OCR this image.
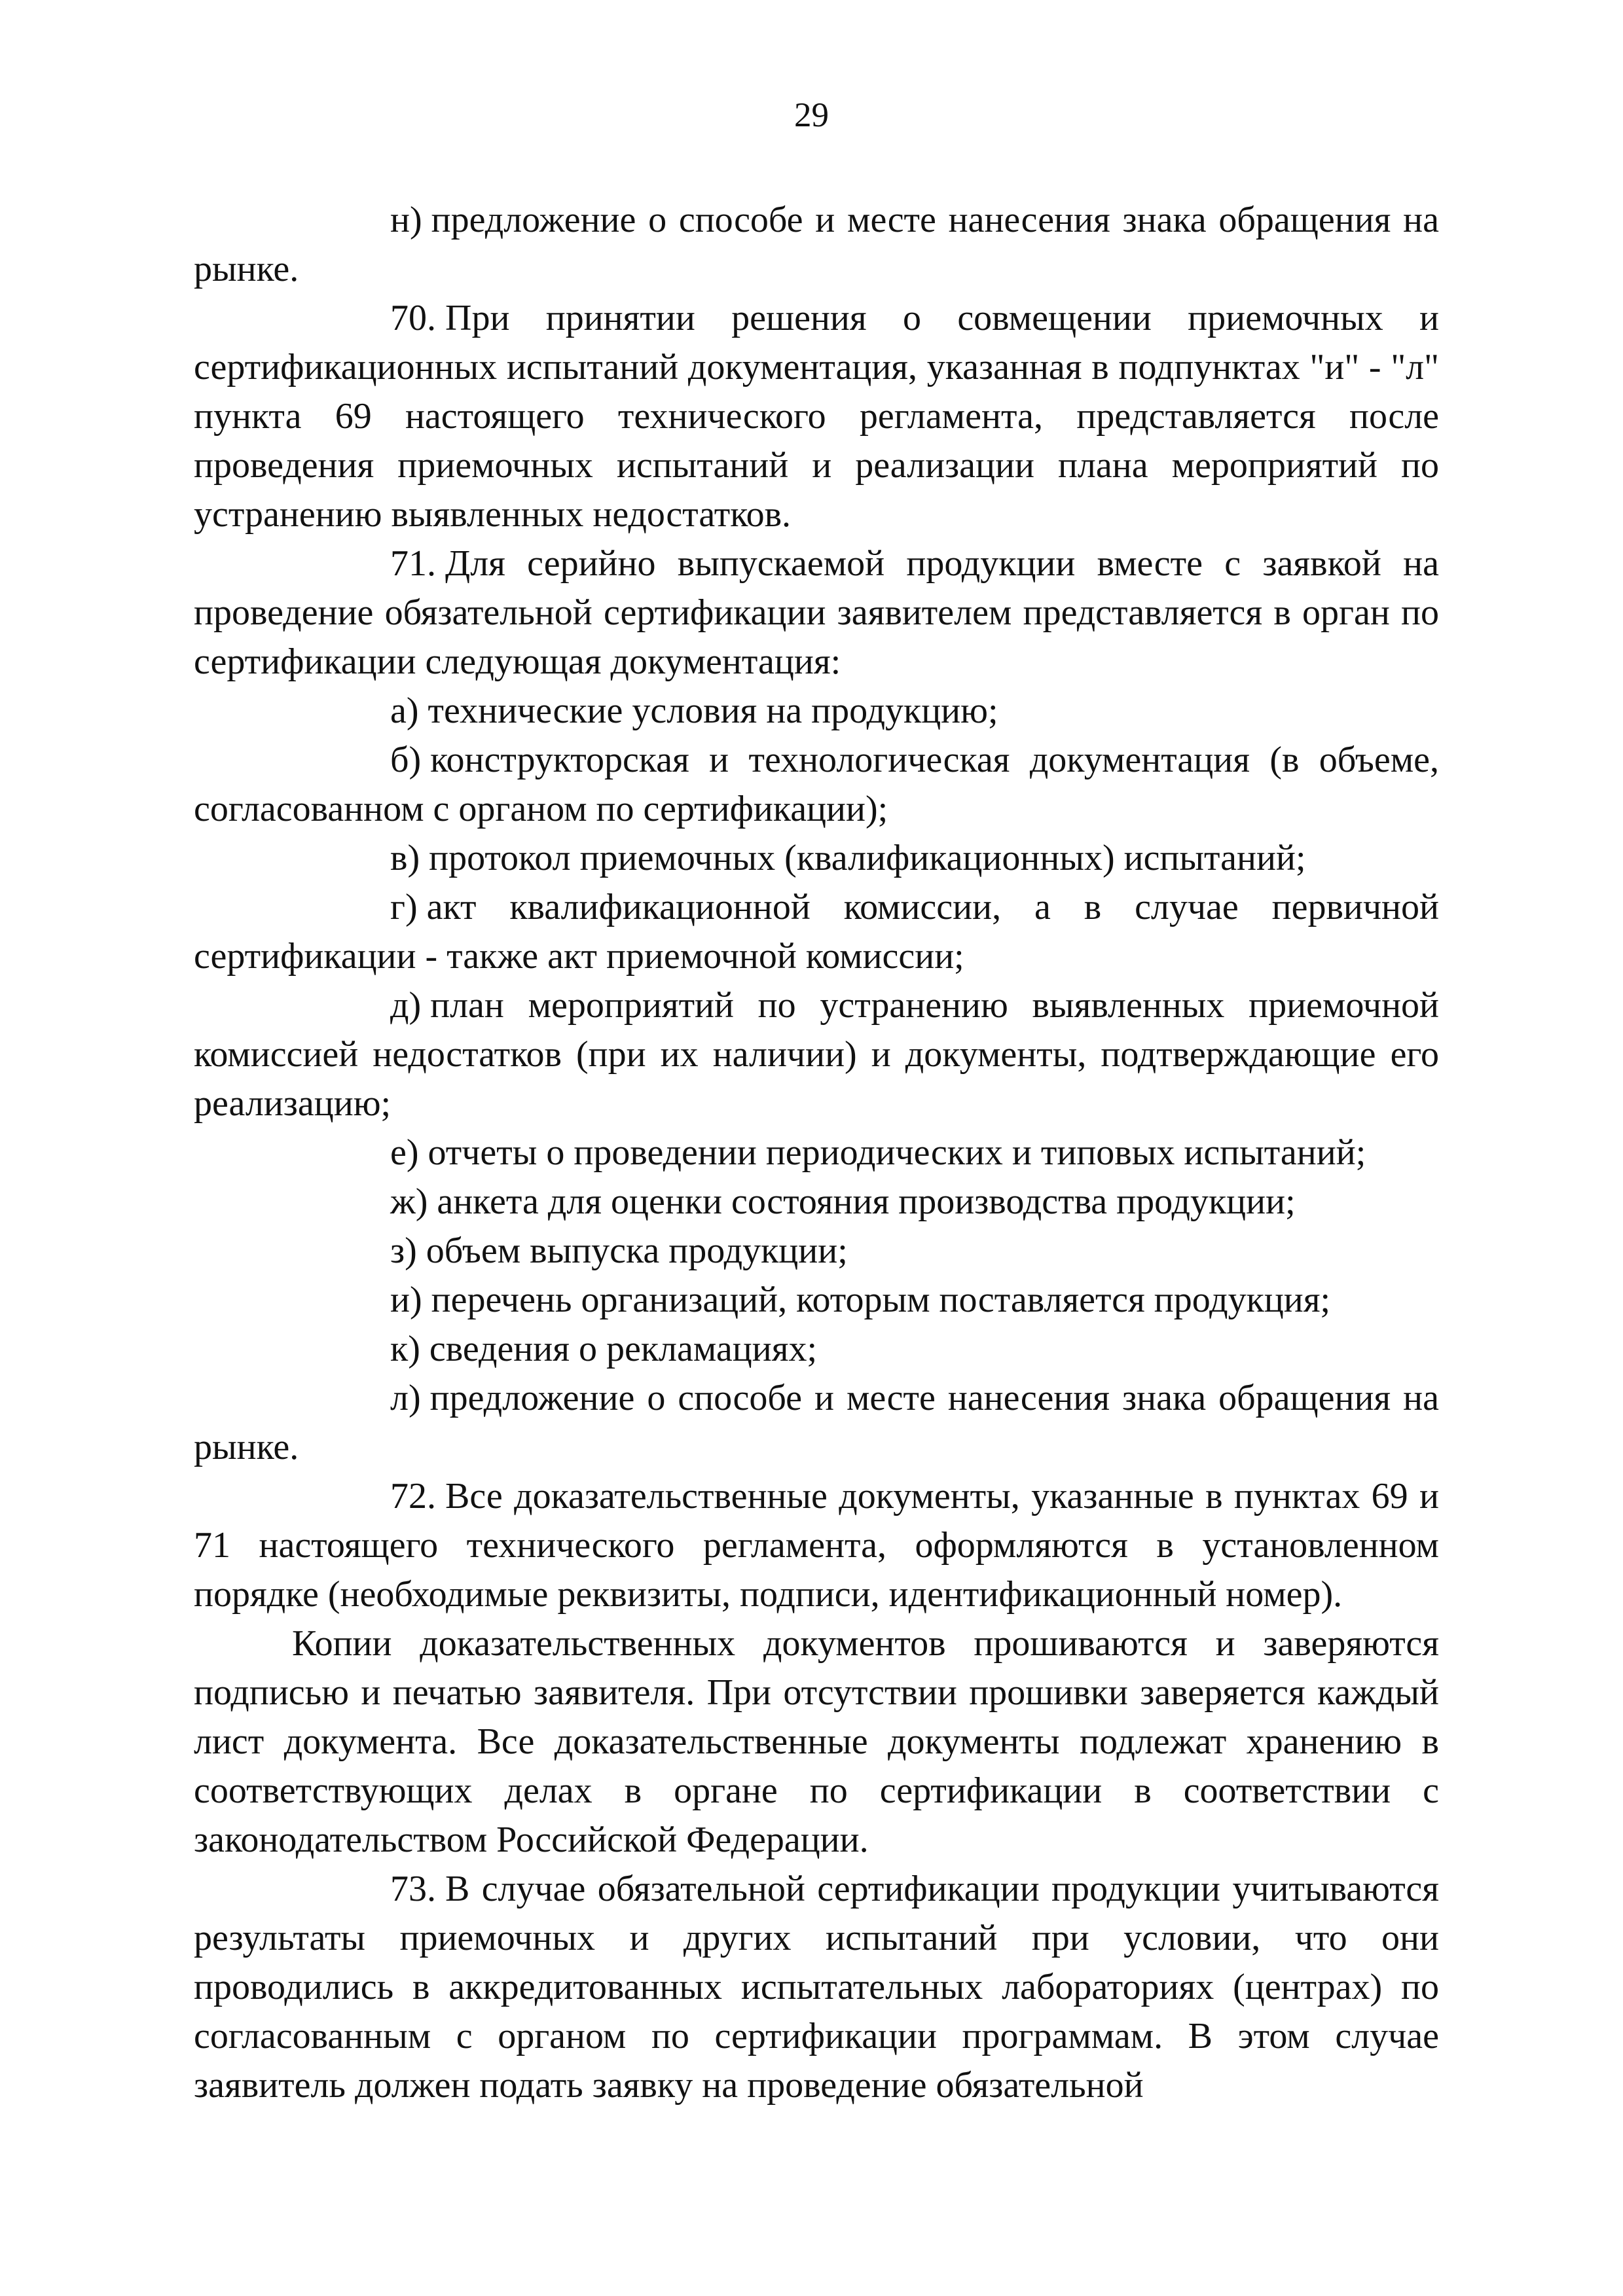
29

н) предложение о способе и месте нанесения знака обращения на рынке.

70. При принятии решения о совмещении приемочных и сертификационных испытаний документация, указанная в подпунктах "и" - "л" пункта 69 настоящего технического регламента, представляется после проведения приемочных испытаний и реализации плана мероприятий по устранению выявленных недостатков.

71. Для серийно выпускаемой продукции вместе с заявкой на проведение обязательной сертификации заявителем представляется в орган по сертификации следующая документация:

а) технические условия на продукцию;

б) конструкторская и технологическая документация (в объеме, согласованном с органом по сертификации);

в) протокол приемочных (квалификационных) испытаний;

г) акт квалификационной комиссии, а в случае первичной сертификации - также акт приемочной комиссии;

д) план мероприятий по устранению выявленных приемочной комиссией недостатков (при их наличии) и документы, подтверждающие его реализацию;

е) отчеты о проведении периодических и типовых испытаний;

ж) анкета для оценки состояния производства продукции;

з) объем выпуска продукции;

и) перечень организаций, которым поставляется продукция;

к) сведения о рекламациях;

л) предложение о способе и месте нанесения знака обращения на рынке.

72. Все доказательственные документы, указанные в пунктах 69 и 71 настоящего технического регламента, оформляются в установленном порядке (необходимые реквизиты, подписи, идентификационный номер).

Копии доказательственных документов прошиваются и заверяются подписью и печатью заявителя. При отсутствии прошивки заверяется каждый лист документа. Все доказательственные документы подлежат хранению в соответствующих делах в органе по сертификации в соответствии с законодательством Российской Федерации.

73. В случае обязательной сертификации продукции учитываются результаты приемочных и других испытаний при условии, что они проводились в аккредитованных испытательных лабораториях (центрах) по согласованным с органом по сертификации программам. В этом случае заявитель должен подать заявку на проведение обязательной
